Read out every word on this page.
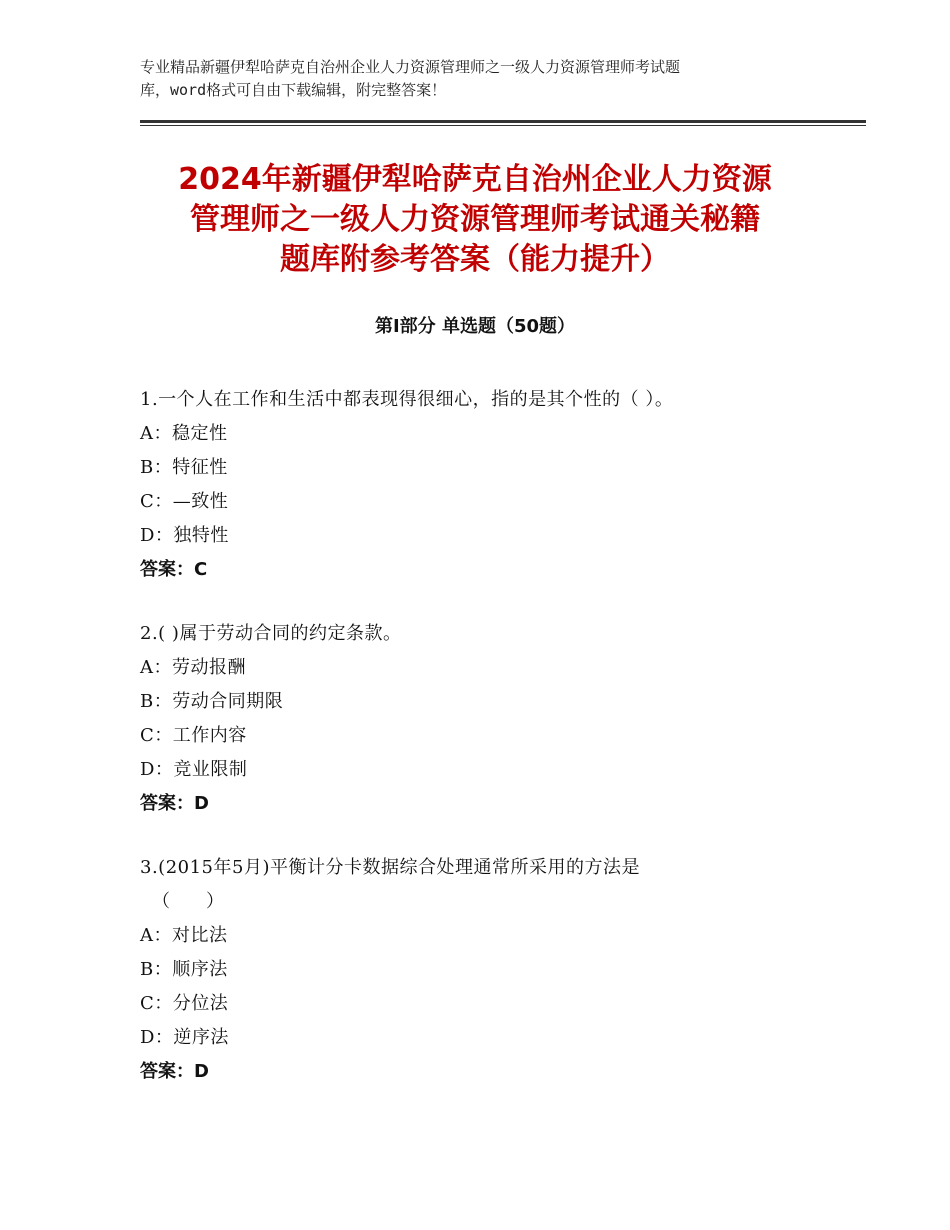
专业精品新疆伊犁哈萨克自治州企业人力资源管理师之一级人力资源管理师考试题
库，word格式可自由下载编辑，附完整答案！
2024年新疆伊犁哈萨克自治州企业人力资源
管理师之一级人力资源管理师考试通关秘籍
题库附参考答案（能力提升）
第Ⅰ部分 单选题（50题）
1.一个人在工作和生活中都表现得很细心，指的是其个性的（ ）。
A：稳定性
B：特征性
C：—致性
D：独特性
答案：C
2.( )属于劳动合同的约定条款。
A：劳动报酬
B：劳动合同期限
C：工作内容
D：竞业限制
答案：D
3.(2015年5月)平衡计分卡数据综合处理通常所采用的方法是
（　　）
A：对比法
B：顺序法
C：分位法
D：逆序法
答案：D
